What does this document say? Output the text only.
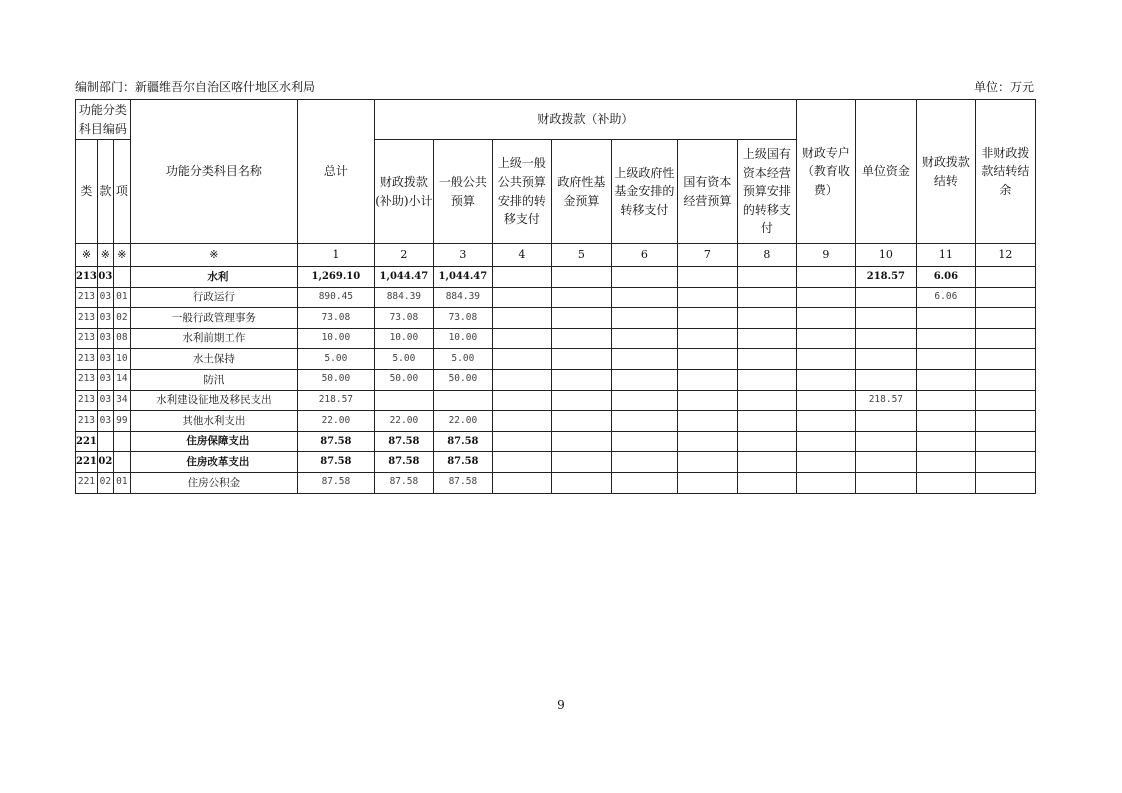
编制部门：新疆维吾尔自治区喀什地区水利局	单位：万元
功能分类科目编码			功能分类科目名称	总计	财政拨款（补助）							财政专户（教育收费）	单位资金	财政拨款结转	非财政拨款结转结余
类	款	项			财政拨款(补助)小计	一般公共预算	上级一般公共预算安排的转移支付	政府性基金预算	上级政府性基金安排的转移支付	国有资本经营预算	上级国有资本经营预算安排的转移支付				
※	※	※	※	1	2	3	4	5	6	7	8	9	10	11	12
213	03		水利	1,269.10	1,044.47	1,044.47							218.57	6.06	
213	03	01	行政运行	890.45	884.39	884.39								6.06	
213	03	02	一般行政管理事务	73.08	73.08	73.08									
213	03	08	水利前期工作	10.00	10.00	10.00									
213	03	10	水土保持	5.00	5.00	5.00									
213	03	14	防汛	50.00	50.00	50.00									
213	03	34	水利建设征地及移民支出	218.57									218.57		
213	03	99	其他水利支出	22.00	22.00	22.00									
221			住房保障支出	87.58	87.58	87.58									
221	02		住房改革支出	87.58	87.58	87.58									
221	02	01	住房公积金	87.58	87.58	87.58									
9
